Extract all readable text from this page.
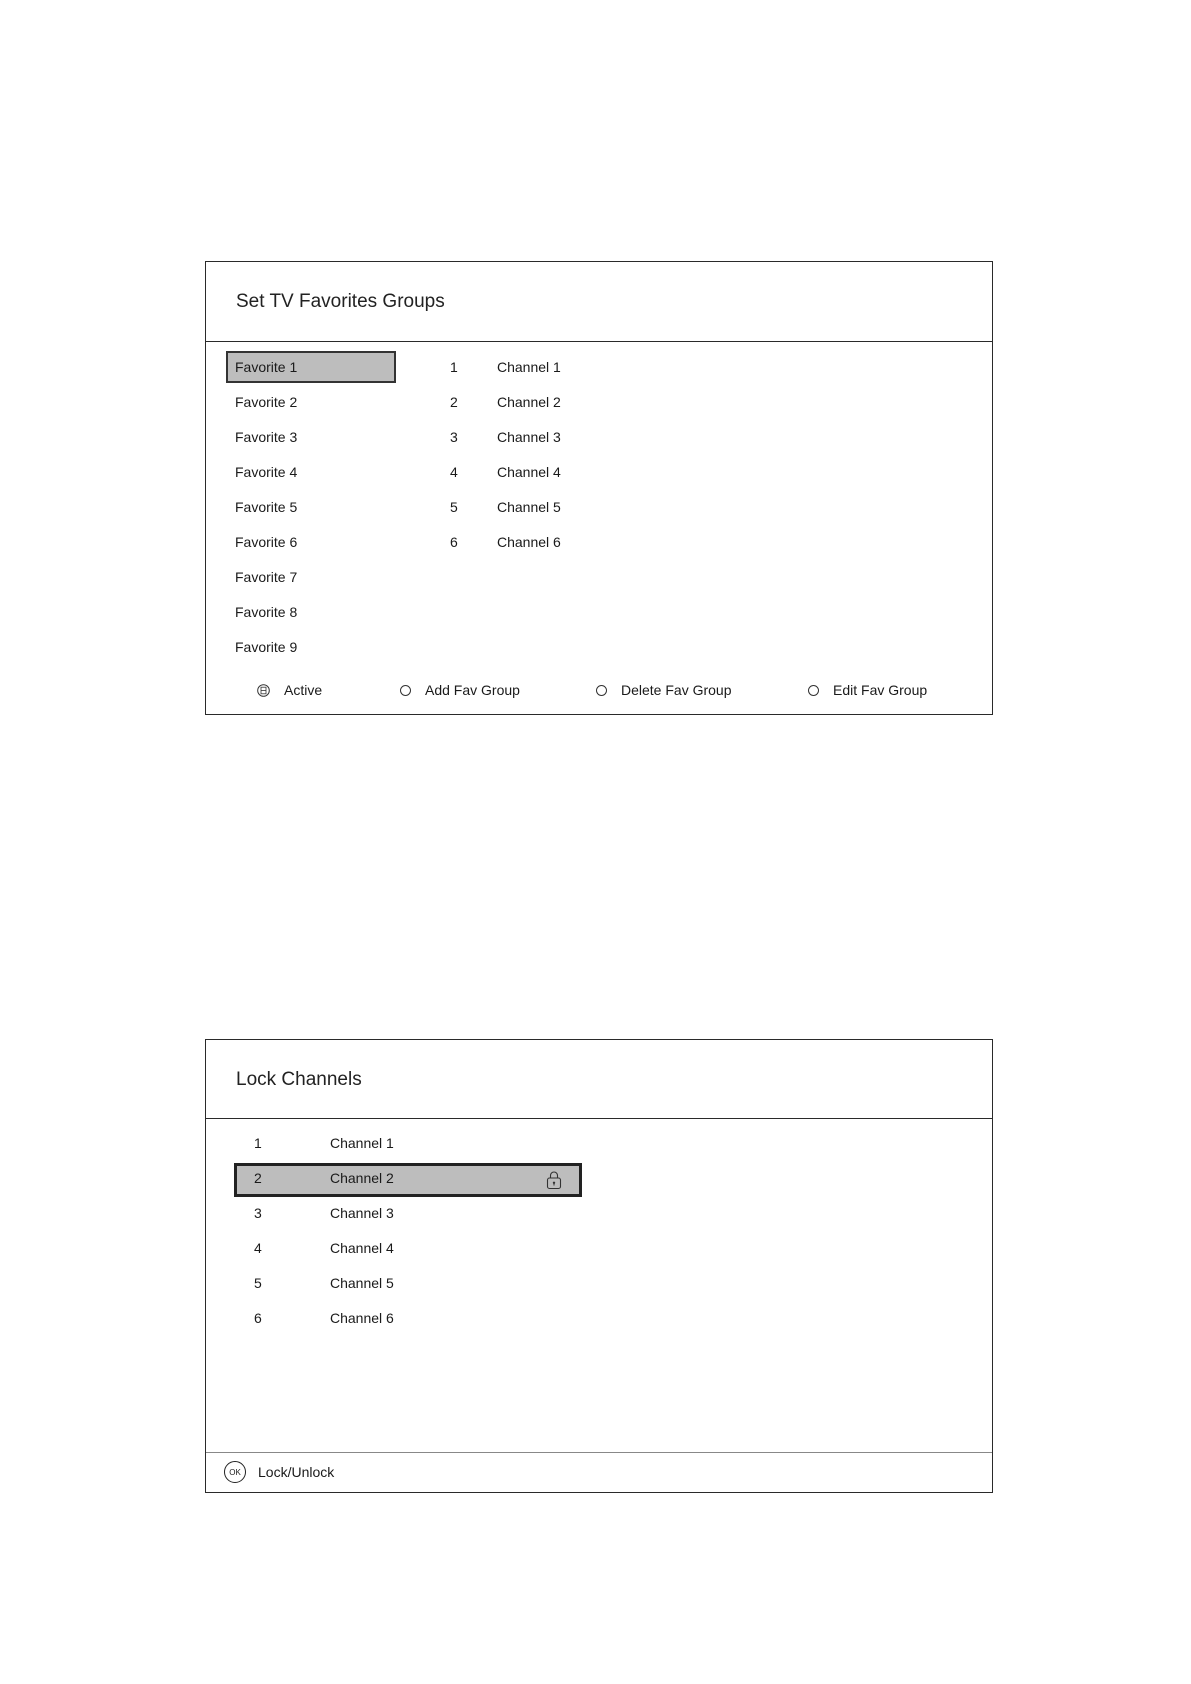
Set TV Favorites Groups
Favorite 1
Favorite 2
Favorite 3
Favorite 4
Favorite 5
Favorite 6
Favorite 7
Favorite 8
Favorite 9
1	Channel 1
2	Channel 2
3	Channel 3
4	Channel 4
5	Channel 5
6	Channel 6
Active	Add Fav Group	Delete Fav Group	Edit Fav Group
Lock Channels
1	Channel 1
2	Channel 2
3	Channel 3
4	Channel 4
5	Channel 5
6	Channel 6
OK	Lock/Unlock
